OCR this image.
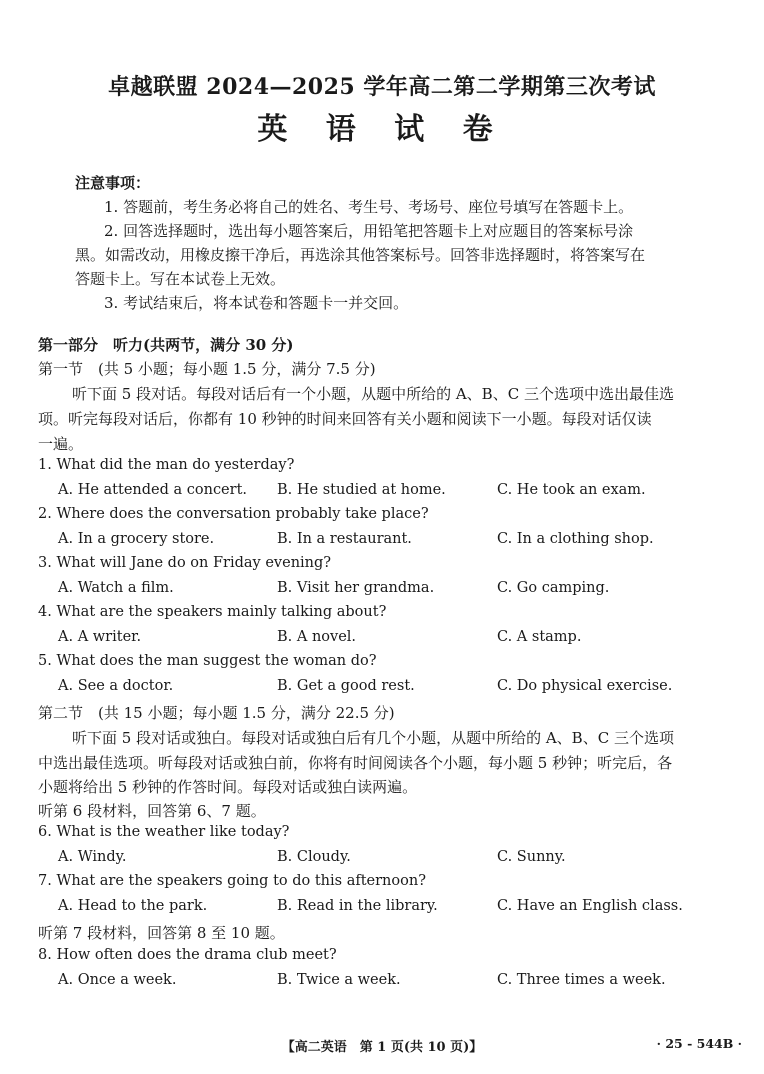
卓越联盟 2024—2025 学年高二第二学期第三次考试
英 语 试 卷
注意事项：
1. 答题前，考生务必将自己的姓名、考生号、考场号、座位号填写在答题卡上。
2. 回答选择题时，选出每小题答案后，用铅笔把答题卡上对应题目的答案标号涂
黑。如需改动，用橡皮擦干净后，再选涂其他答案标号。回答非选择题时，将答案写在
答题卡上。写在本试卷上无效。
3. 考试结束后，将本试卷和答题卡一并交回。
第一部分　听力(共两节，满分 30 分)
第一节　(共 5 小题；每小题 1.5 分，满分 7.5 分)
听下面 5 段对话。每段对话后有一个小题，从题中所给的 A、B、C 三个选项中选出最佳选
项。听完每段对话后，你都有 10 秒钟的时间来回答有关小题和阅读下一小题。每段对话仅读
一遍。
1. What did the man do yesterday?
A. He attended a concert. B. He studied at home.	C. He took an exam.
2. Where does the conversation probably take place?
A. In a grocery store.	B. In a restaurant.	C. In a clothing shop.
3. What will Jane do on Friday evening?
A. Watch a film.	B. Visit her grandma.	C. Go camping.
4. What are the speakers mainly talking about?
A. A writer.	B. A novel.	C. A stamp.
5. What does the man suggest the woman do?
A. See a doctor.	B. Get a good rest.	C. Do physical exercise.
第二节　(共 15 小题；每小题 1.5 分，满分 22.5 分)
听下面 5 段对话或独白。每段对话或独白后有几个小题，从题中所给的 A、B、C 三个选项
中选出最佳选项。听每段对话或独白前，你将有时间阅读各个小题，每小题 5 秒钟；听完后，各
小题将给出 5 秒钟的作答时间。每段对话或独白读两遍。
听第 6 段材料，回答第 6、7 题。
6. What is the weather like today?
A. Windy.	B. Cloudy.	C. Sunny.
7. What are the speakers going to do this afternoon?
A. Head to the park.	B. Read in the library.	C. Have an English class.
听第 7 段材料，回答第 8 至 10 题。
8. How often does the drama club meet?
A. Once a week.	B. Twice a week.	C. Three times a week.
【高二英语　第 1 页(共 10 页)】	· 25 - 544B ·
